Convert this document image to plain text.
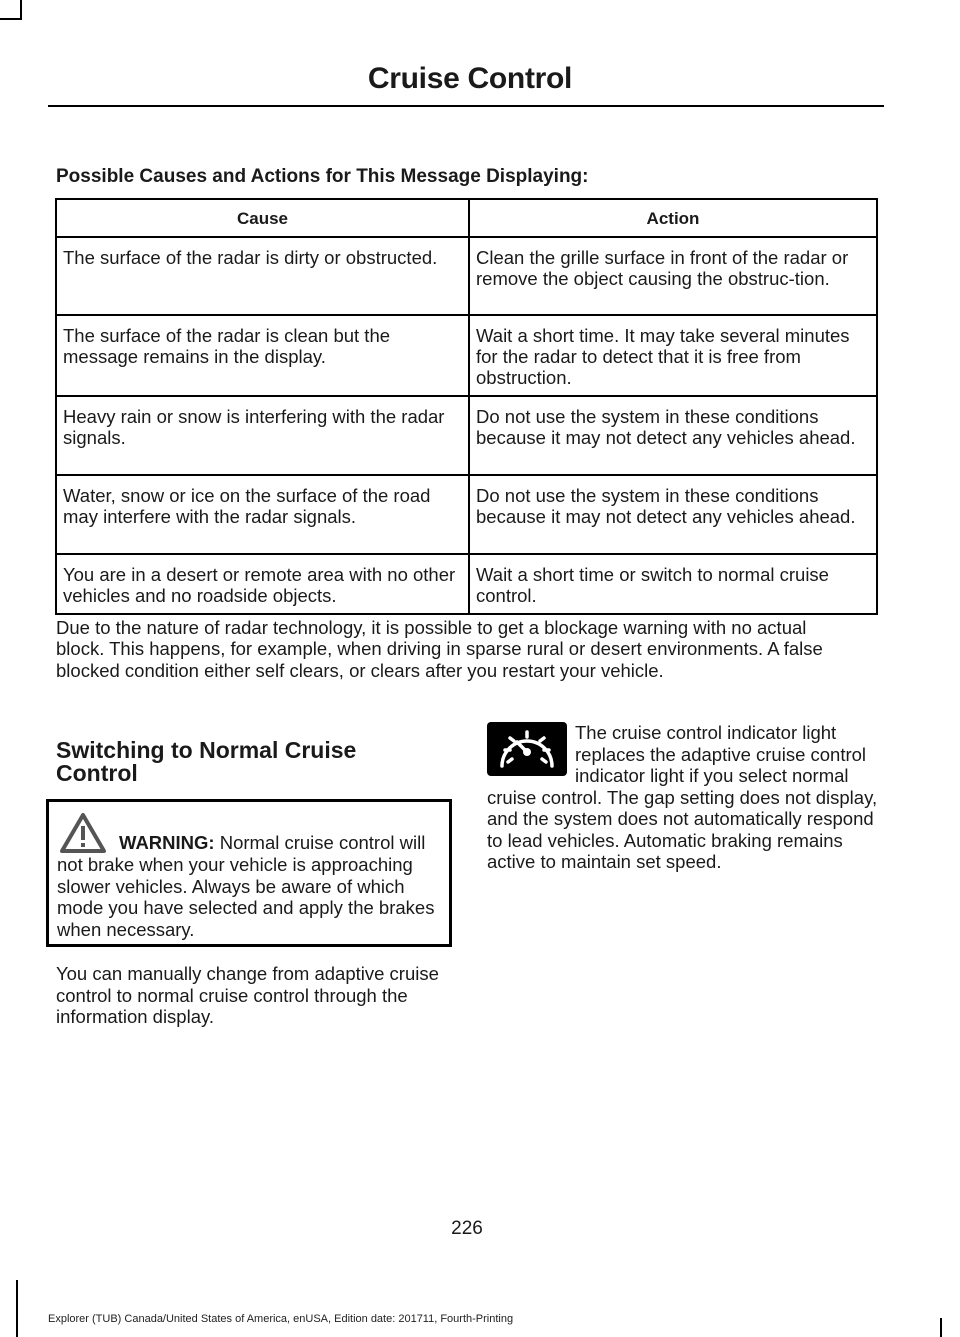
Cruise Control
Possible Causes and Actions for This Message Displaying:
Cause	Action
The surface of the radar is dirty or obstructed.	Clean the grille surface in front of the radar or remove the object causing the obstruc-tion.
The surface of the radar is clean but the message remains in the display.	Wait a short time. It may take several minutes for the radar to detect that it is free from obstruction.
Heavy rain or snow is interfering with the radar signals.	Do not use the system in these conditions because it may not detect any vehicles ahead.
Water, snow or ice on the surface of the road may interfere with the radar signals.	Do not use the system in these conditions because it may not detect any vehicles ahead.
You are in a desert or remote area with no other vehicles and no roadside objects.	Wait a short time or switch to normal cruise control.
Due to the nature of radar technology, it is possible to get a blockage warning with no actual block. This happens, for example, when driving in sparse rural or desert environments. A false blocked condition either self clears, or clears after you restart your vehicle.
Switching to Normal Cruise Control
WARNING: Normal cruise control will not brake when your vehicle is approaching slower vehicles. Always be aware of which mode you have selected and apply the brakes when necessary.
You can manually change from adaptive cruise control to normal cruise control through the information display.
The cruise control indicator light replaces the adaptive cruise control indicator light if you select normal cruise control. The gap setting does not display, and the system does not automatically respond to lead vehicles. Automatic braking remains active to maintain set speed.
226
Explorer (TUB) Canada/United States of America, enUSA, Edition date: 201711, Fourth-Printing
